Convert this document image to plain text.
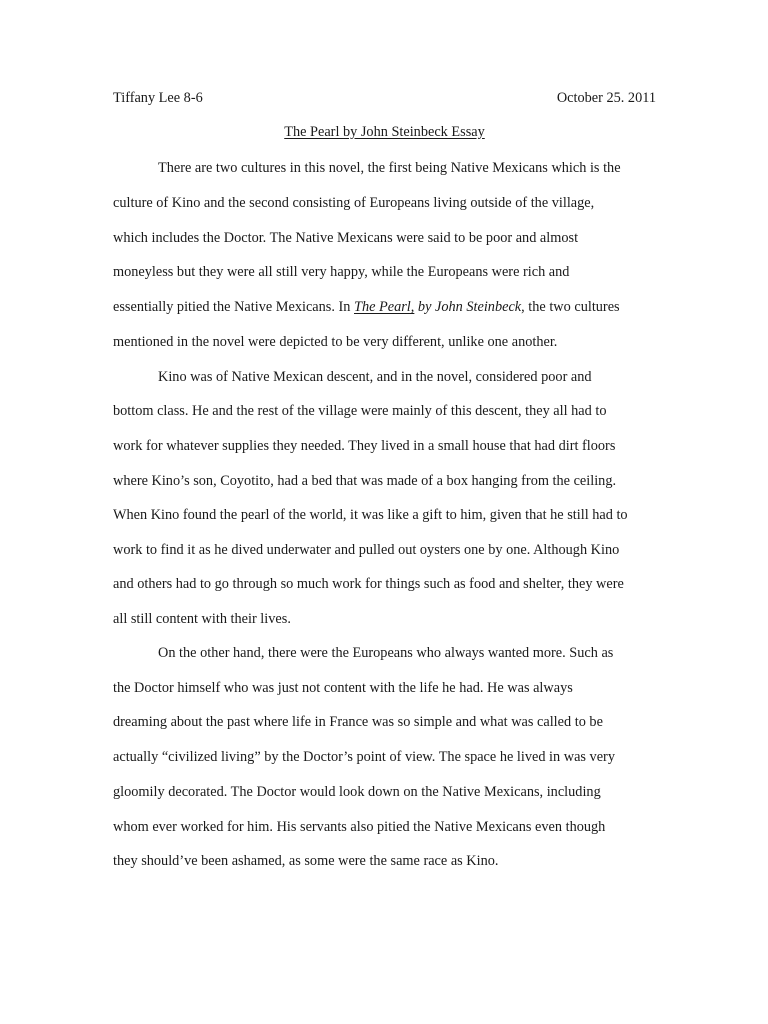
Tiffany Lee 8-6	October 25. 2011
The Pearl by John Steinbeck Essay
There are two cultures in this novel, the first being Native Mexicans which is the
culture of Kino and the second consisting of Europeans living outside of the village,
which includes the Doctor. The Native Mexicans were said to be poor and almost
moneyless but they were all still very happy, while the Europeans were rich and
essentially pitied the Native Mexicans. In The Pearl, by John Steinbeck, the two cultures
mentioned in the novel were depicted to be very different, unlike one another.
Kino was of Native Mexican descent, and in the novel, considered poor and
bottom class. He and the rest of the village were mainly of this descent, they all had to
work for whatever supplies they needed. They lived in a small house that had dirt floors
where Kino’s son, Coyotito, had a bed that was made of a box hanging from the ceiling.
When Kino found the pearl of the world, it was like a gift to him, given that he still had to
work to find it as he dived underwater and pulled out oysters one by one. Although Kino
and others had to go through so much work for things such as food and shelter, they were
all still content with their lives.
On the other hand, there were the Europeans who always wanted more. Such as
the Doctor himself who was just not content with the life he had. He was always
dreaming about the past where life in France was so simple and what was called to be
actually “civilized living” by the Doctor’s point of view. The space he lived in was very
gloomily decorated. The Doctor would look down on the Native Mexicans, including
whom ever worked for him. His servants also pitied the Native Mexicans even though
they should’ve been ashamed, as some were the same race as Kino.
